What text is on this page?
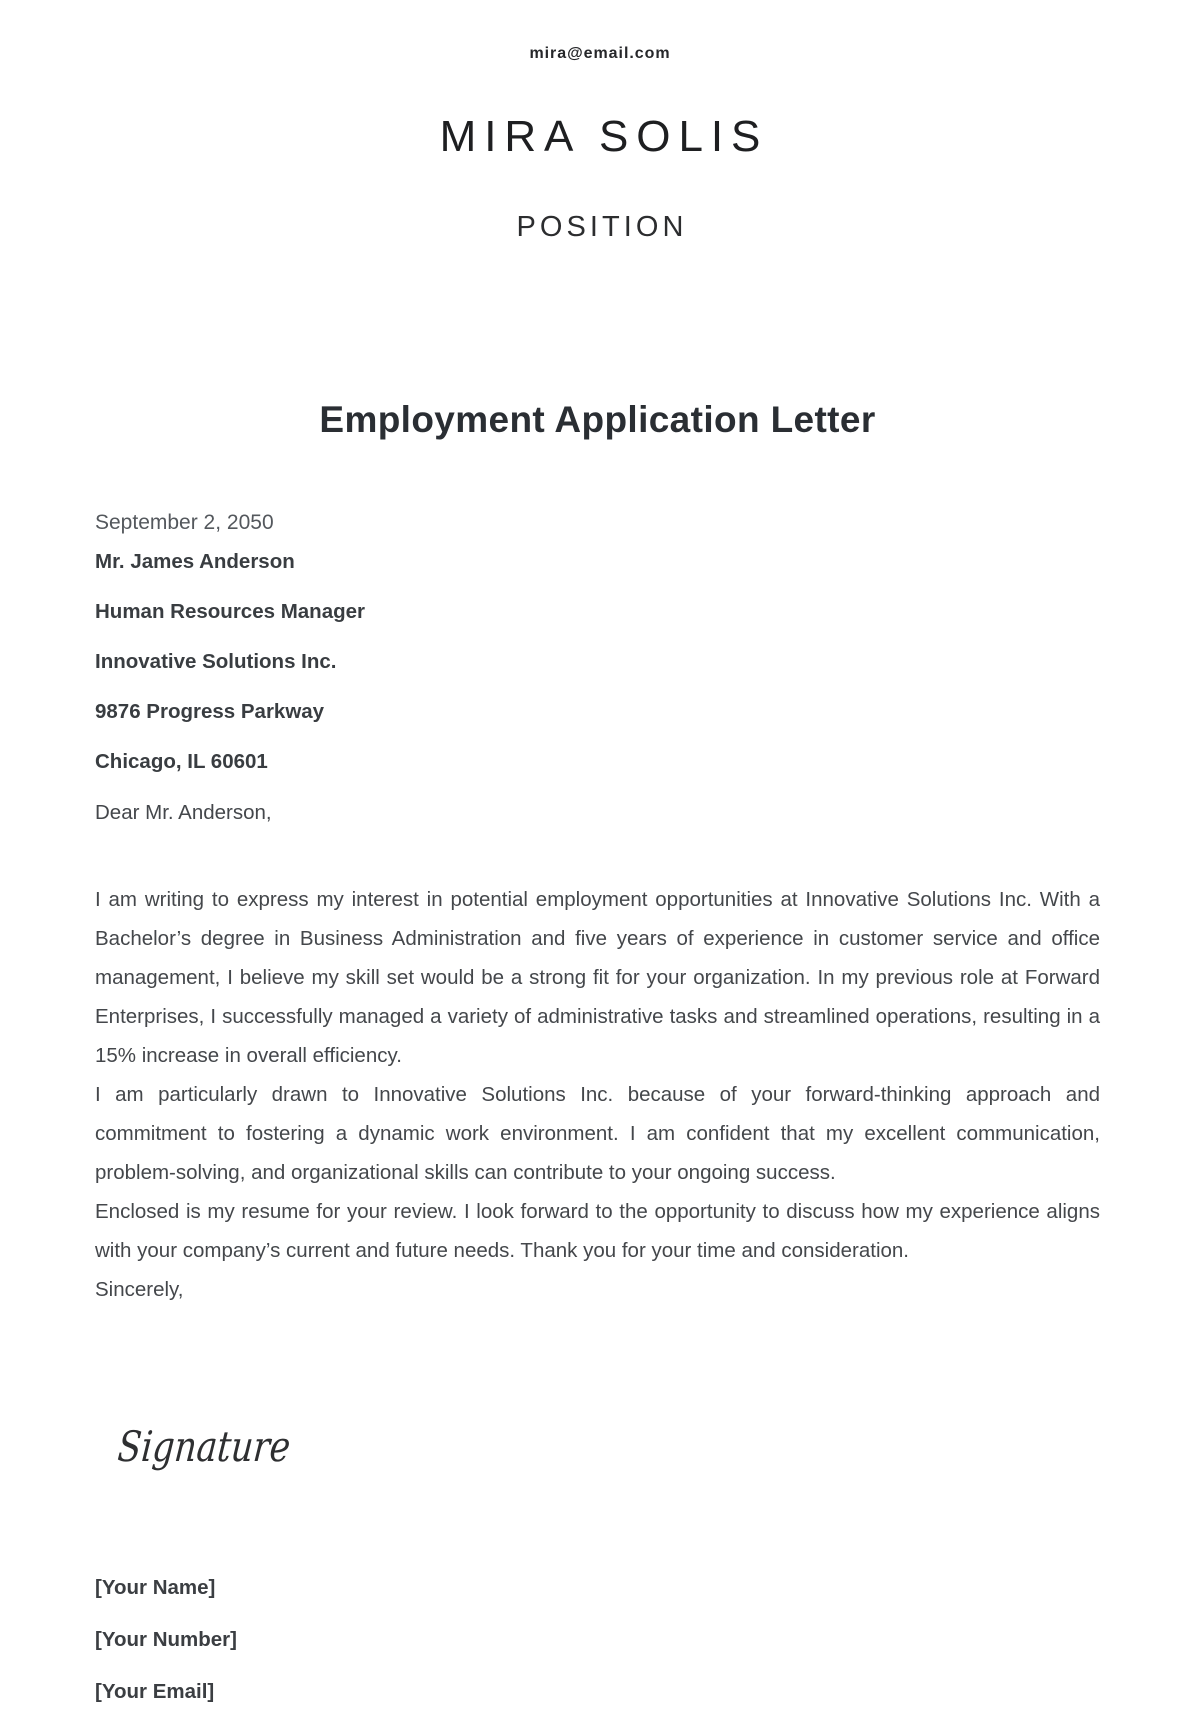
mira@email.com
MIRA SOLIS
POSITION
Employment Application Letter
September 2, 2050
Mr. James Anderson
Human Resources Manager
Innovative Solutions Inc.
9876 Progress Parkway
Chicago, IL 60601
Dear Mr. Anderson,

I am writing to express my interest in potential employment opportunities at Innovative Solutions Inc. With a Bachelor’s degree in Business Administration and five years of experience in customer service and office management, I believe my skill set would be a strong fit for your organization. In my previous role at Forward Enterprises, I successfully managed a variety of administrative tasks and streamlined operations, resulting in a 15% increase in overall efficiency.

I am particularly drawn to Innovative Solutions Inc. because of your forward-thinking approach and commitment to fostering a dynamic work environment. I am confident that my excellent communication, problem-solving, and organizational skills can contribute to your ongoing success.

Enclosed is my resume for your review. I look forward to the opportunity to discuss how my experience aligns with your company’s current and future needs. Thank you for your time and consideration.

Sincerely,

Signature
[Your Name]
[Your Number]
[Your Email]
